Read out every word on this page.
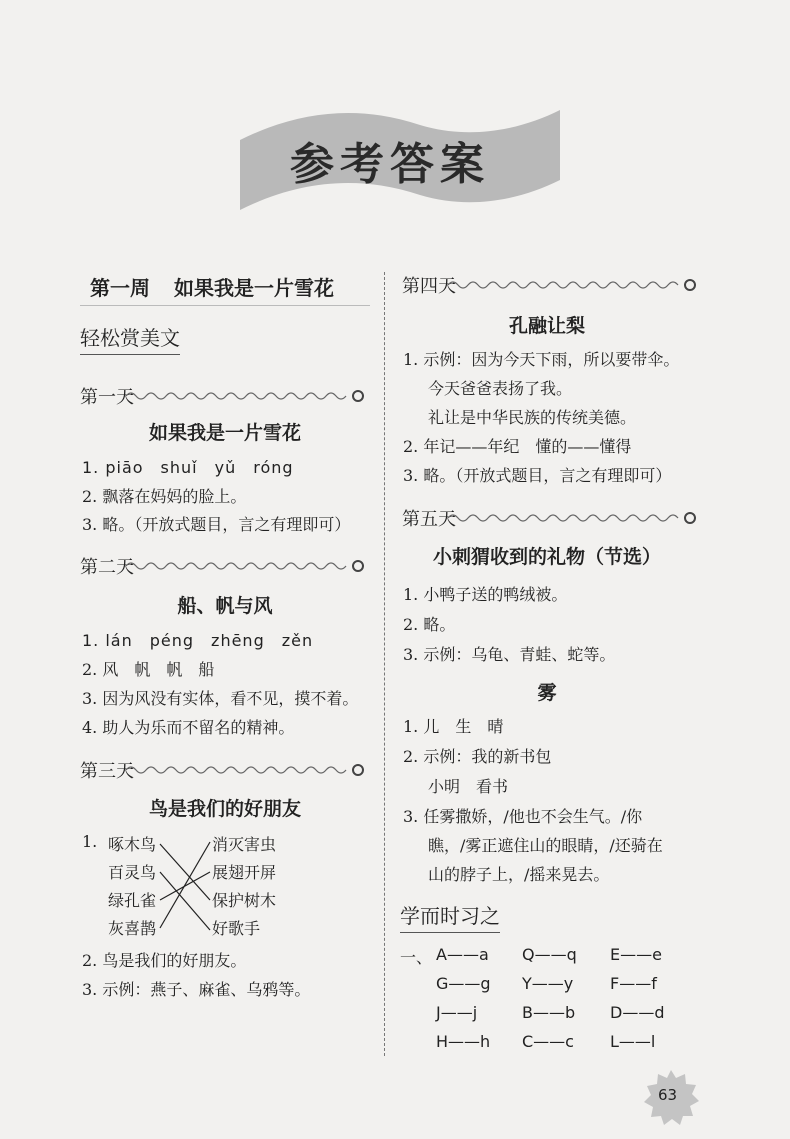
参考答案
第一周 如果我是一片雪花
轻松赏美文
第一天
如果我是一片雪花
1. piāo　shuǐ　yǔ　róng
2. 飘落在妈妈的脸上。
3. 略。（开放式题目，言之有理即可）
第二天
船、帆与风
1. lán　péng　zhēng　zěn
2. 风　帆　帆　船
3. 因为风没有实体，看不见，摸不着。
4. 助人为乐而不留名的精神。
第三天
鸟是我们的好朋友
1. 啄木鸟
百灵鸟
绿孔雀
灰喜鹊
消灭害虫
展翅开屏
保护树木
好歌手
2. 鸟是我们的好朋友。
3. 示例：燕子、麻雀、乌鸦等。
第四天
孔融让梨
1. 示例：因为今天下雨，所以要带伞。
今天爸爸表扬了我。
礼让是中华民族的传统美德。
2. 年记——年纪　懂的——懂得
3. 略。（开放式题目，言之有理即可）
第五天
小刺猬收到的礼物（节选）
1. 小鸭子送的鸭绒被。
2. 略。
3. 示例：乌龟、青蛙、蛇等。
雾
1. 儿　生　晴
2. 示例：我的新书包
小明　看书
3. 任雾撒娇，/他也不会生气。/你
瞧，/雾正遮住山的眼睛，/还骑在
山的脖子上，/摇来晃去。
学而时习之
一、 A——a Q——q E——e
G——g Y——y F——f
J——j	B——b D——d
H——h C——c L——l
63
